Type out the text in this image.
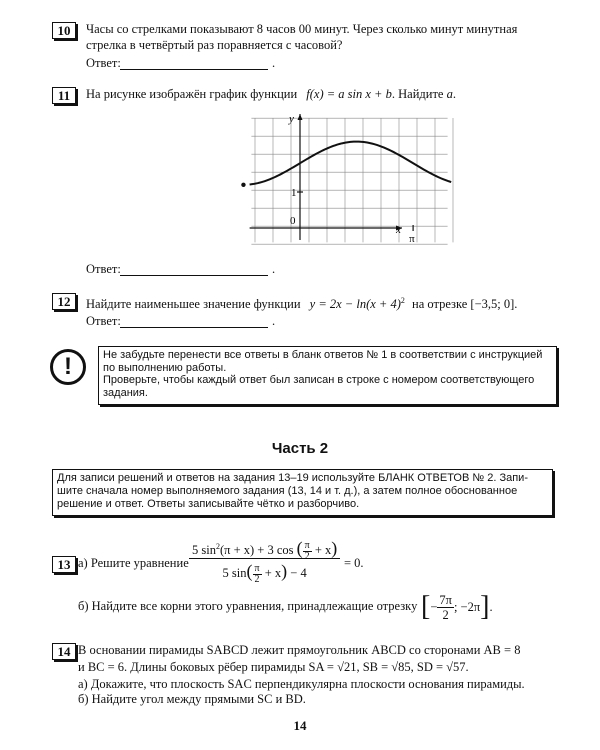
10	Часы со стрелками показывают 8 часов 00 минут. Через сколько минут минутная
стрелка в четвёртый раз поравняется с часовой?
Ответ:	.
11	На рисунке изображён график функции f(x) = a sin x + b. Найдите a.
y
x
0
1
π
Ответ:	.
12	Найдите наименьшее значение функции $y = 2x - \ln(x + 4)^2$ на отрезке [−3,5; 0].
Ответ:	.
!	Не забудьте перенести все ответы в бланк ответов № 1 в соответствии с инструкцией
по выполнению работы.
Проверьте, чтобы каждый ответ был записан в строке с номером соответствующего
задания.
Часть 2
Для записи решений и ответов на задания 13–19 используйте БЛАНК ОТВЕТОВ № 2. Запи-
шите сначала номер выполняемого задания (13, 14 и т. д.), а затем полное обоснованное
решение и ответ. Ответы записывайте чётко и разборчиво.
13 а) Решите уравнение $\frac{5 \sin^2(\pi + x) + 3 \cos ( \frac{\pi}{2} + x)}{5 \sin( \frac{\pi}{2} + x) - 4} = 0$.
б) Найдите все корни этого уравнения, принадлежащие отрезку [− $\frac{7\pi}{2}$ ; −2π].
14 В основании пирамиды SABCD лежит прямоугольник ABCD со сторонами AB = 8
и BC = 6. Длины боковых рёбер пирамиды SA = √21, SB = √85, SD = √57.
а) Докажите, что плоскость SAC перпендикулярна плоскости основания пирамиды.
б) Найдите угол между прямыми SC и BD.
14
